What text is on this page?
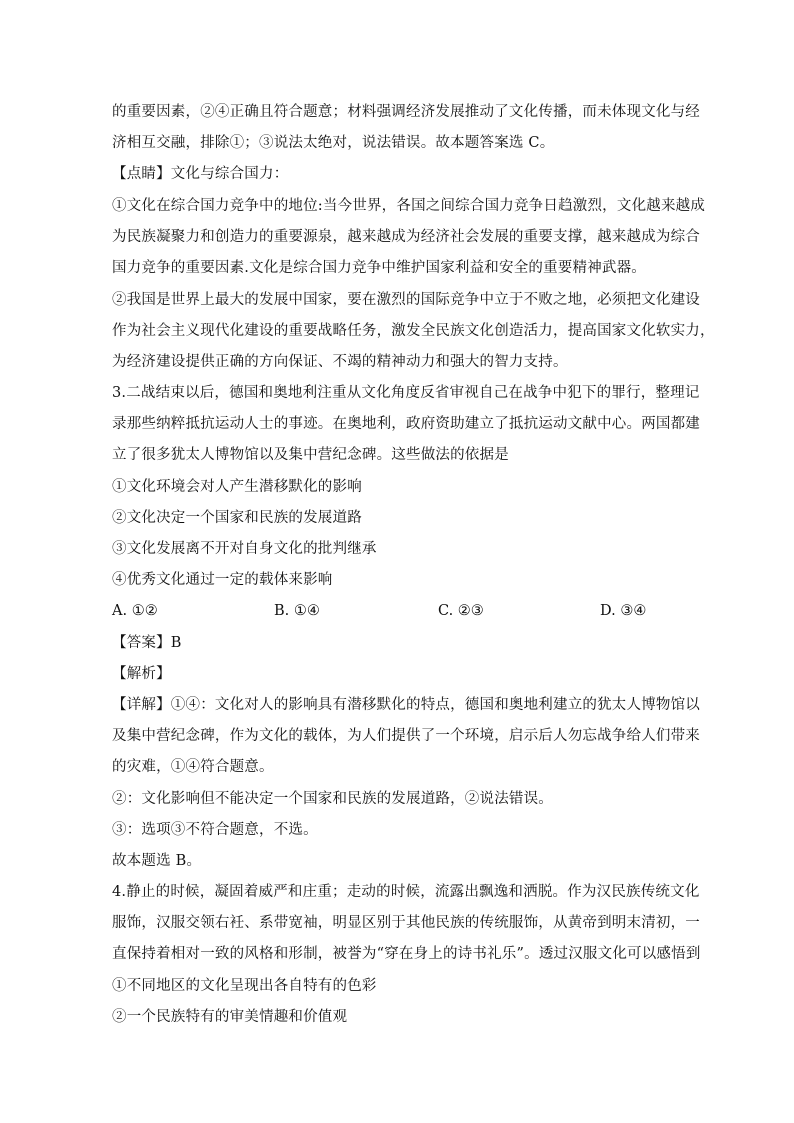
的重要因素，②④正确且符合题意；材料强调经济发展推动了文化传播，而未体现文化与经
济相互交融，排除①；③说法太绝对，说法错误。故本题答案选 C。
【点睛】文化与综合国力：
①文化在综合国力竞争中的地位:当今世界，各国之间综合国力竞争日趋激烈，文化越来越成
为民族凝聚力和创造力的重要源泉，越来越成为经济社会发展的重要支撑，越来越成为综合
国力竞争的重要因素.文化是综合国力竞争中维护国家利益和安全的重要精神武器。
②我国是世界上最大的发展中国家，要在激烈的国际竞争中立于不败之地，必须把文化建设
作为社会主义现代化建设的重要战略任务，激发全民族文化创造活力，提高国家文化软实力，
为经济建设提供正确的方向保证、不竭的精神动力和强大的智力支持。
3.二战结束以后，德国和奥地利注重从文化角度反省审视自己在战争中犯下的罪行，整理记
录那些纳粹抵抗运动人士的事迹。在奥地利，政府资助建立了抵抗运动文献中心。两国都建
立了很多犹太人博物馆以及集中营纪念碑。这些做法的依据是
①文化环境会对人产生潜移默化的影响
②文化决定一个国家和民族的发展道路
③文化发展离不开对自身文化的批判继承
④优秀文化通过一定的载体来影响
A. ①②	B. ①④	C. ②③	D. ③④
【答案】B
【解析】
【详解】①④：文化对人的影响具有潜移默化的特点，德国和奥地利建立的犹太人博物馆以
及集中营纪念碑，作为文化的载体，为人们提供了一个环境，启示后人勿忘战争给人们带来
的灾难，①④符合题意。
②：文化影响但不能决定一个国家和民族的发展道路，②说法错误。
③：选项③不符合题意，不选。
故本题选 B。
4.静止的时候，凝固着威严和庄重；走动的时候，流露出飘逸和洒脱。作为汉民族传统文化
服饰，汉服交领右衽、系带宽袖，明显区别于其他民族的传统服饰，从黄帝到明末清初，一
直保持着相对一致的风格和形制，被誉为“穿在身上的诗书礼乐”。透过汉服文化可以感悟到
①不同地区的文化呈现出各自特有的色彩
②一个民族特有的审美情趣和价值观
